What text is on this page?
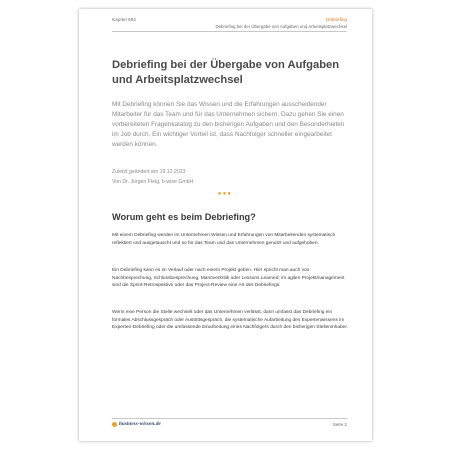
Kapitel 682	Debriefing
Debriefing bei der Übergabe von Aufgaben und Arbeitsplatzwechsel
Debriefing bei der Übergabe von Aufgaben und Arbeitsplatzwechsel
Mit Debriefing können Sie das Wissen und die Erfahrungen ausscheidender Mitarbeiter für das Team und für das Unternehmen sichern. Dazu gehen Sie einen vorbereiteten Fragenkatalog zu den bisherigen Aufgaben und den Besonderheiten im Job durch. Ein wichtiger Vorteil ist, dass Nachfolger schneller eingearbeitet werden können.
Zuletzt geändert am 19.12.2023
Von Dr. Jürgen Fleig, b-wise GmbH
●●●
Worum geht es beim Debriefing?
Mit einem Debriefing werden im Unternehmen Wissen und Erfahrungen von Mitarbeitenden systematisch reflektiert und ausgetauscht und so für das Team und das Unternehmen genutzt und aufgehoben.
Ein Debriefing kann es im Verlauf oder nach einem Projekt geben. Hier spricht man auch von Nachbesprechung, Schlussbesprechung, Manöverkritik oder Lessons Learned; im agilen Projektmanagement sind die Sprint-Retrospektive oder das Project-Review eine Art des Debriefings.
Wenn eine Person die Stelle wechselt oder das Unternehmen verlässt, dann umfasst das Debriefing ein formales Abschlussgespräch oder Austrittsgespräch, die systematische Aufarbeitung des Expertenwissens im Experten-Debriefing oder die umfassende Einarbeitung eines Nachfolgers durch den bisherigen Stelleninhaber.
business-wissen.de	Seite 2
